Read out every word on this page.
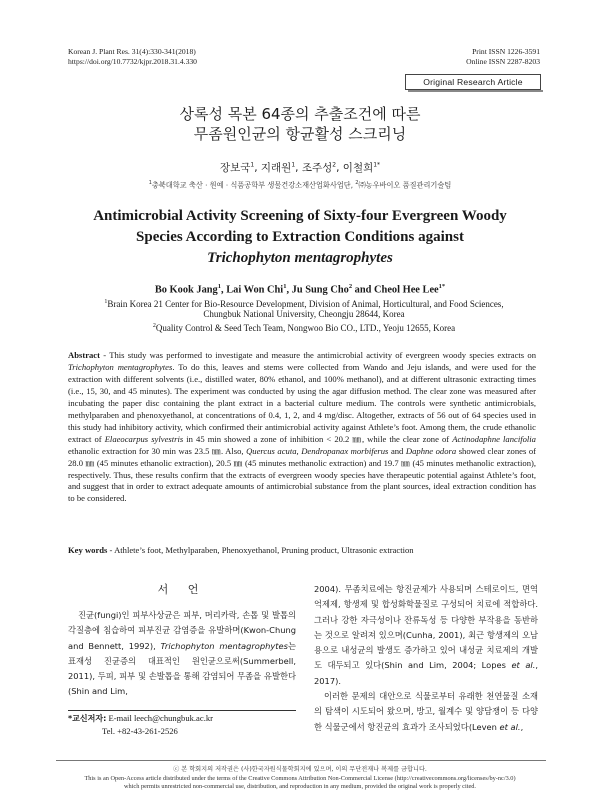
Korean J. Plant Res. 31(4):330-341(2018)
https://doi.org/10.7732/kjpr.2018.31.4.330
Print ISSN 1226-3591
Online ISSN 2287-8203
Original Research Article
상록성 목본 64종의 추출조건에 따른
무좀원인균의 항균활성 스크리닝
장보국$^1$, 지래원$^1$, 조주성$^2$, 이철희$^{1*}$
$^1$충북대학교 축산 · 원예 · 식품공학부 생물건강소재산업화사업단, $^2$㈜농우바이오 품질관리기술팀
Antimicrobial Activity Screening of Sixty-four Evergreen Woody
Species According to Extraction Conditions against
Trichophyton mentagrophytes
Bo Kook Jang$^1$, Lai Won Chi$^1$, Ju Sung Cho$^2$ and Cheol Hee Lee$^{1*}$
$^1$Brain Korea 21 Center for Bio-Resource Development, Division of Animal, Horticultural, and Food Sciences,
Chungbuk National University, Cheongju 28644, Korea
$^2$Quality Control & Seed Tech Team, Nongwoo Bio CO., LTD., Yeoju 12655, Korea
Abstract - This study was performed to investigate and measure the antimicrobial activity of evergreen woody species extracts on Trichophyton mentagrophytes. To do this, leaves and stems were collected from Wando and Jeju islands, and were used for the extraction with different solvents (i.e., distilled water, 80% ethanol, and 100% methanol), and at different ultrasonic extracting times (i.e., 15, 30, and 45 minutes). The experiment was conducted by using the agar diffusion method. The clear zone was measured after incubating the paper disc containing the plant extract in a bacterial culture medium. The controls were synthetic antimicrobials, methylparaben and phenoxyethanol, at concentrations of 0.4, 1, 2, and 4 mg/disc. Altogether, extracts of 56 out of 64 species used in this study had inhibitory activity, which confirmed their antimicrobial activity against Athlete’s foot. Among them, the crude ethanolic extract of Elaeocarpus sylvestris in 45 min showed a zone of inhibition < 20.2 ㎜, while the clear zone of Actinodaphne lancifolia ethanolic extraction for 30 min was 23.5 ㎜. Also, Quercus acuta, Dendropanax morbiferus and Daphne odora showed clear zones of 28.0 ㎜ (45 minutes ethanolic extraction), 20.5 ㎜ (45 minutes methanolic extraction) and 19.7 ㎜ (45 minutes methanolic extraction), respectively. Thus, these results confirm that the extracts of evergreen woody species have therapeutic potential against Athlete’s foot, and suggest that in order to extract adequate amounts of antimicrobial substance from the plant sources, ideal extraction condition has to be considered.
Key words - Athlete’s foot, Methylparaben, Phenoxyethanol, Pruning product, Ultrasonic extraction
서 언

진균(fungi)인 피부사상균은 피부, 머리카락, 손톱 및 발톱의 각질층에 침습하여 피부진균 감염증을 유발하며(Kwon-Chung and Bennett, 1992), Trichophyton mentagrophytes는 표재성 진균증의 대표적인 원인균으로써(Summerbell, 2011), 두피, 피부 및 손발톱을 통해 감염되어 무좀을 유발한다(Shin and Lim,

2004). 무좀치료에는 항진균제가 사용되며 스테로이드, 면역억제제, 항생제 및 합성화학물질로 구성되어 치료에 적합하다. 그러나 강한 자극성이나 잔류독성 등 다양한 부작용을 동반하는 것으로 알려져 있으며(Cunha, 2001), 최근 항생제의 오남용으로 내성균의 발생도 증가하고 있어 내성균 치료제의 개발도 대두되고 있다(Shin and Lim, 2004; Lopes et al., 2017).

이러한 문제의 대안으로 식물로부터 유래한 천연물질 소재의 탐색이 시도되어 왔으며, 방고, 월계수 및 양담쟁이 등 다양한 식물군에서 항진균의 효과가 조사되었다(Leven et al.,

*교신저자: E-mail leech@chungbuk.ac.kr
Tel. +82-43-261-2526
ⓒ 본 학회지의 저작권은 (사)한국자원식물학회지에 있으며, 이의 무단전재나 복제를 금합니다.
This is an Open-Access article distributed under the terms of the Creative Commons Attribution Non-Commercial License (http://creativecommons.org/licenses/by-nc/3.0)
which permits unrestricted non-commercial use, distribution, and reproduction in any medium, provided the original work is properly cited.
